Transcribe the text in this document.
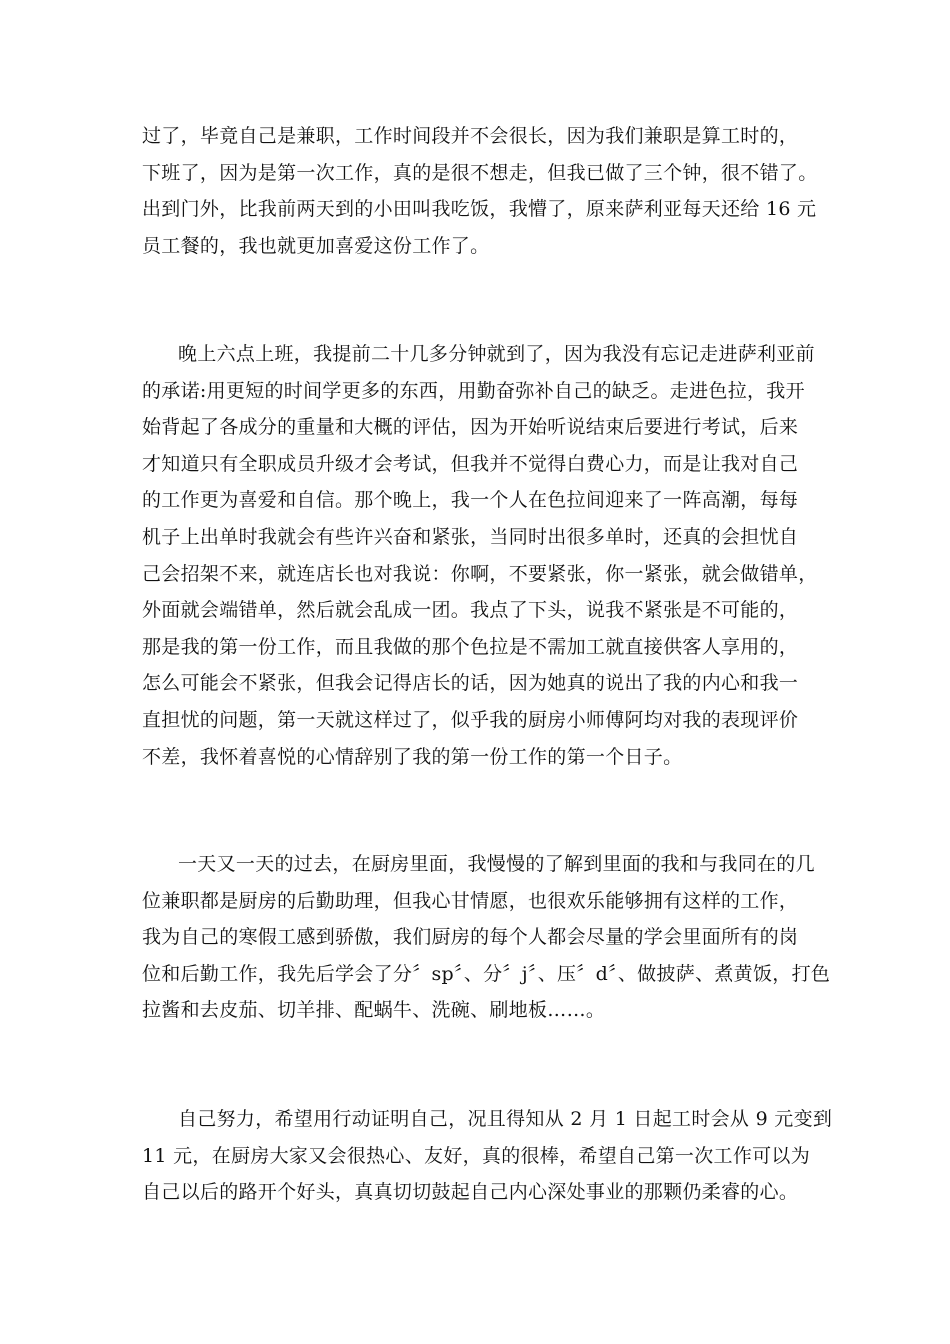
过了，毕竟自己是兼职，工作时间段并不会很长，因为我们兼职是算工时的，
下班了，因为是第一次工作，真的是很不想走，但我已做了三个钟，很不错了。
出到门外，比我前两天到的小田叫我吃饭，我懵了，原来萨利亚每天还给 16 元
员工餐的，我也就更加喜爱这份工作了。
晚上六点上班，我提前二十几多分钟就到了，因为我没有忘记走进萨利亚前
的承诺:用更短的时间学更多的东西，用勤奋弥补自己的缺乏。走进色拉，我开
始背起了各成分的重量和大概的评估，因为开始听说结束后要进行考试，后来
才知道只有全职成员升级才会考试，但我并不觉得白费心力，而是让我对自己
的工作更为喜爱和自信。那个晚上，我一个人在色拉间迎来了一阵高潮，每每
机子上出单时我就会有些许兴奋和紧张，当同时出很多单时，还真的会担忧自
己会招架不来，就连店长也对我说：你啊，不要紧张，你一紧张，就会做错单，
外面就会端错单，然后就会乱成一团。我点了下头，说我不紧张是不可能的，
那是我的第一份工作，而且我做的那个色拉是不需加工就直接供客人享用的，
怎么可能会不紧张，但我会记得店长的话，因为她真的说出了我的内心和我一
直担忧的问题，第一天就这样过了，似乎我的厨房小师傅阿均对我的表现评价
不差，我怀着喜悦的心情辞别了我的第一份工作的第一个日子。
一天又一天的过去，在厨房里面，我慢慢的了解到里面的我和与我同在的几
位兼职都是厨房的后勤助理，但我心甘情愿，也很欢乐能够拥有这样的工作，
我为自己的寒假工感到骄傲，我们厨房的每个人都会尽量的学会里面所有的岗
位和后勤工作，我先后学会了分〞sp〞、分〞j〞、压〞d〞、做披萨、煮黄饭，打色
拉酱和去皮茄、切羊排、配蜗牛、洗碗、刷地板……。
自己努力，希望用行动证明自己，况且得知从 2 月 1 日起工时会从 9 元变到
11 元，在厨房大家又会很热心、友好，真的很棒，希望自己第一次工作可以为
自己以后的路开个好头，真真切切鼓起自己内心深处事业的那颗仍柔睿的心。
